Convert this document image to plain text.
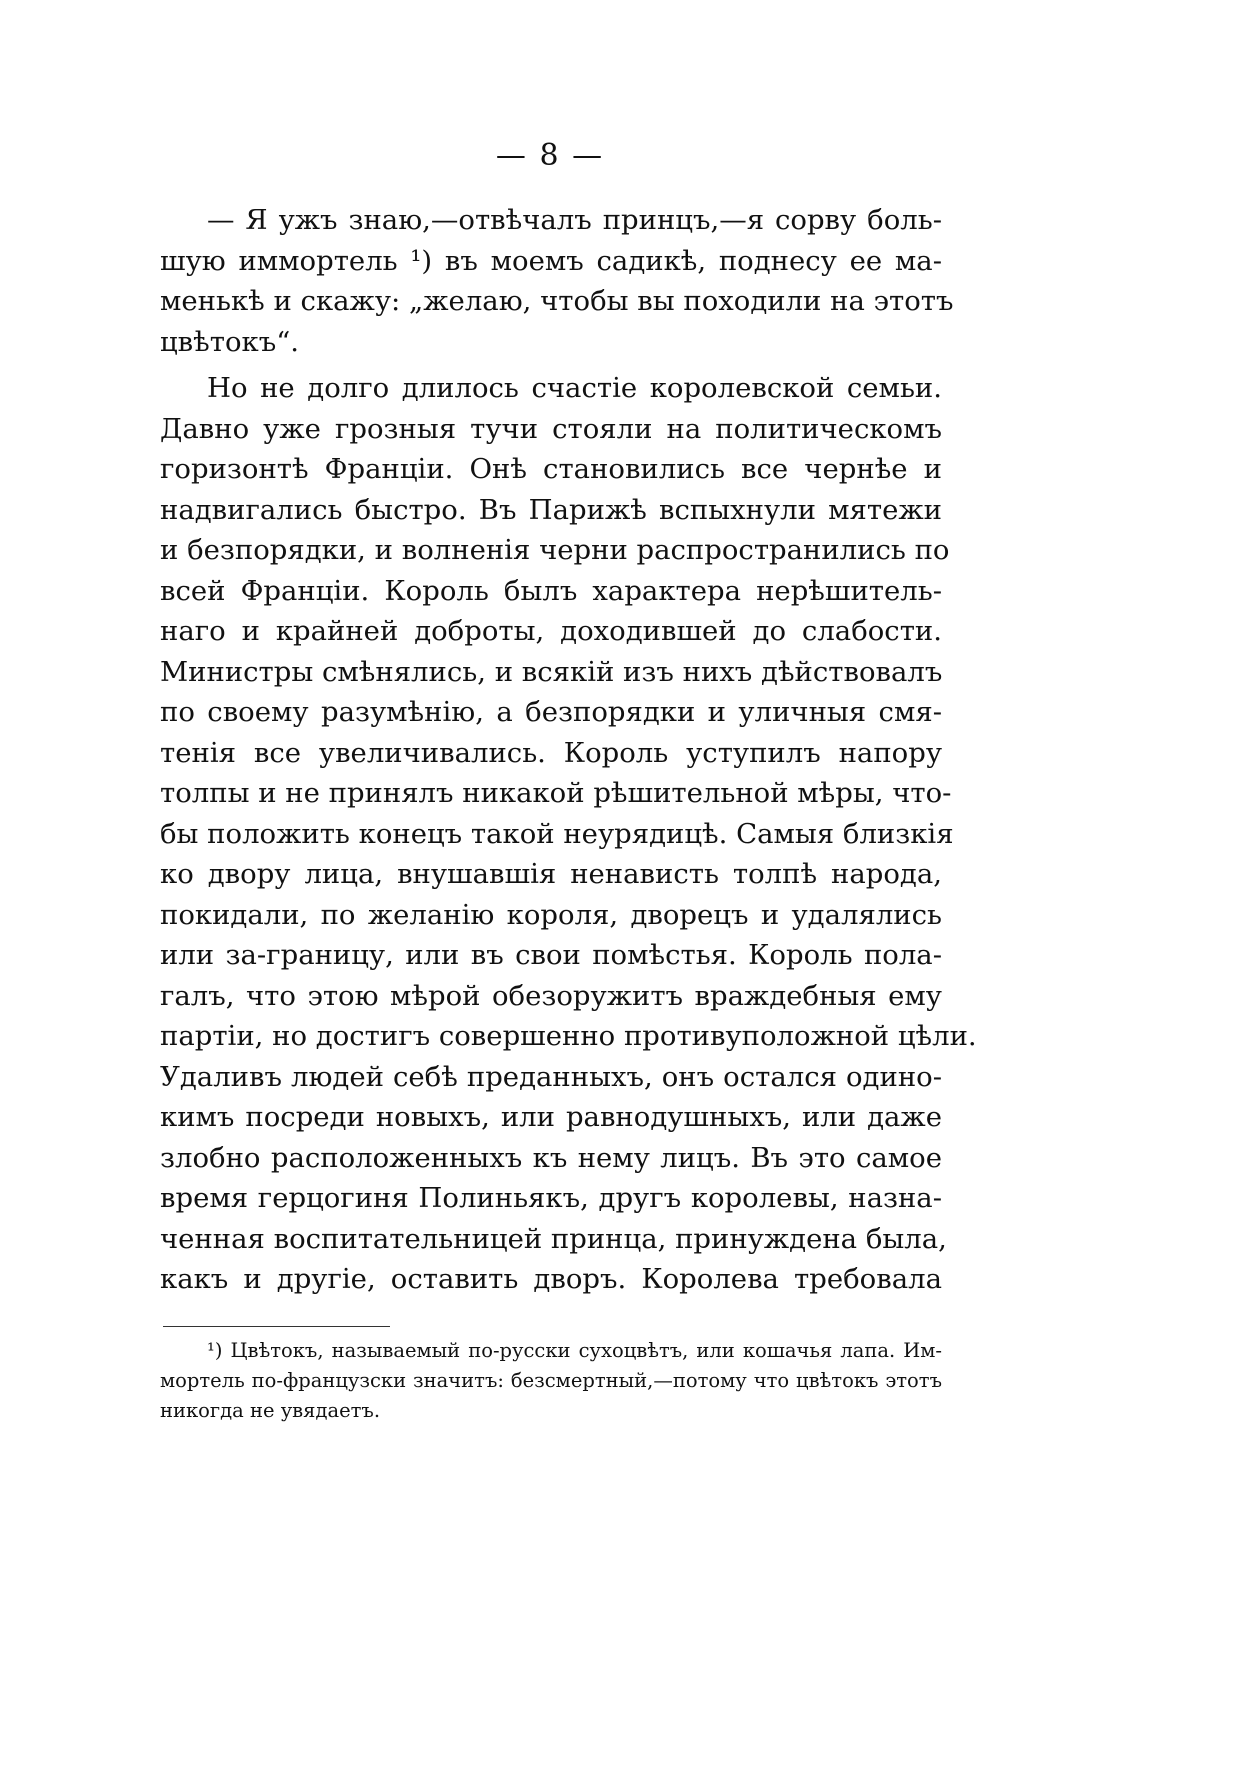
— 8 —
— Я ужъ знаю,—отвѣчалъ принцъ,—я сорву боль-
шую иммортель ¹) въ моемъ садикѣ, поднесу ее ма-
менькѣ и скажу: „желаю, чтобы вы походили на этотъ
цвѣтокъ“.
Но не долго длилось счастіе королевской семьи.
Давно уже грозныя тучи стояли на политическомъ
горизонтѣ Франціи. Онѣ становились все чернѣе и
надвигались быстро. Въ Парижѣ вспыхнули мятежи
и безпорядки, и волненія черни распространились по
всей Франціи. Король былъ характера нерѣшитель-
наго и крайней доброты, доходившей до слабости.
Министры смѣнялись, и всякій изъ нихъ дѣйствовалъ
по своему разумѣнію, а безпорядки и уличныя смя-
тенія все увеличивались. Король уступилъ напору
толпы и не принялъ никакой рѣшительной мѣры, что-
бы положить конецъ такой неурядицѣ. Самыя близкія
ко двору лица, внушавшія ненависть толпѣ народа,
покидали, по желанію короля, дворецъ и удалялись
или за-границу, или въ свои помѣстья. Король пола-
галъ, что этою мѣрой обезоружитъ враждебныя ему
партіи, но достигъ совершенно противуположной цѣли.
Удаливъ людей себѣ преданныхъ, онъ остался одино-
кимъ посреди новыхъ, или равнодушныхъ, или даже
злобно расположенныхъ къ нему лицъ. Въ это самое
время герцогиня Полиньякъ, другъ королевы, назна-
ченная воспитательницей принца, принуждена была,
какъ и другіе, оставить дворъ. Королева требовала
¹) Цвѣтокъ, называемый по-русски сухоцвѣтъ, или кошачья лапа. Им-
мортель по-французски значитъ: безсмертный,—потому что цвѣтокъ этотъ
никогда не увядаетъ.
